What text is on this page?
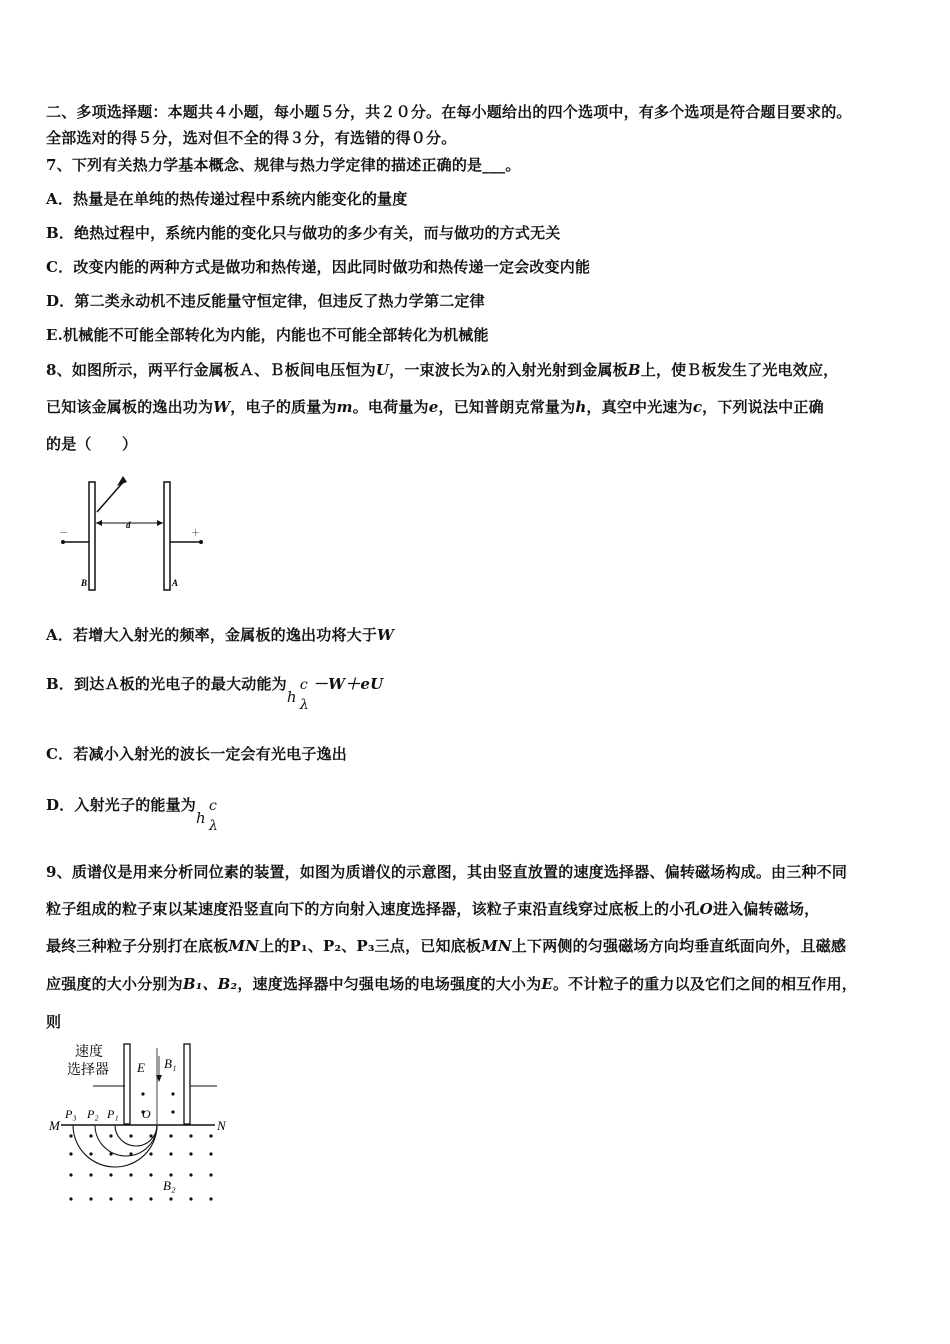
二、多项选择题：本题共４小题，每小题５分，共２０分。在每小题给出的四个选项中，有多个选项是符合题目要求的。
全部选对的得５分，选对但不全的得３分，有选错的得０分。
7、下列有关热力学基本概念、规律与热力学定律的描述正确的是___。
A．热量是在单纯的热传递过程中系统内能变化的量度
B．绝热过程中，系统内能的变化只与做功的多少有关，而与做功的方式无关
C．改变内能的两种方式是做功和热传递，因此同时做功和热传递一定会改变内能
D．第二类永动机不违反能量守恒定律，但违反了热力学第二定律
E.机械能不可能全部转化为内能，内能也不可能全部转化为机械能
8、如图所示，两平行金属板Ａ、Ｂ板间电压恒为U，一束波长为λ的入射光射到金属板B上，使Ｂ板发生了光电效应，
已知该金属板的逸出功为W，电子的质量为m。电荷量为e，已知普朗克常量为h，真空中光速为c，下列说法中正确
的是（　　）
d
－	＋
B	A
A．若增大入射光的频率，金属板的逸出功将大于W
B．到达Ａ板的光电子的最大动能为
h
c
λ
－W＋eU
C．若减小入射光的波长一定会有光电子逸出
D．入射光子的能量为
h
c
λ
9、质谱仪是用来分析同位素的装置，如图为质谱仪的示意图，其由竖直放置的速度选择器、偏转磁场构成。由三种不同
粒子组成的粒子束以某速度沿竖直向下的方向射入速度选择器，该粒子束沿直线穿过底板上的小孔O进入偏转磁场，
最终三种粒子分别打在底板MN上的P₁、P₂、P₃三点，已知底板MN上下两侧的匀强磁场方向均垂直纸面向外，且磁感
应强度的大小分别为B₁、B₂，速度选择器中匀强电场的电场强度的大小为E。不计粒子的重力以及它们之间的相互作用，
则
速度
选择器 E B₁
M	N
P₃ P₂ P₁ O
B₂
